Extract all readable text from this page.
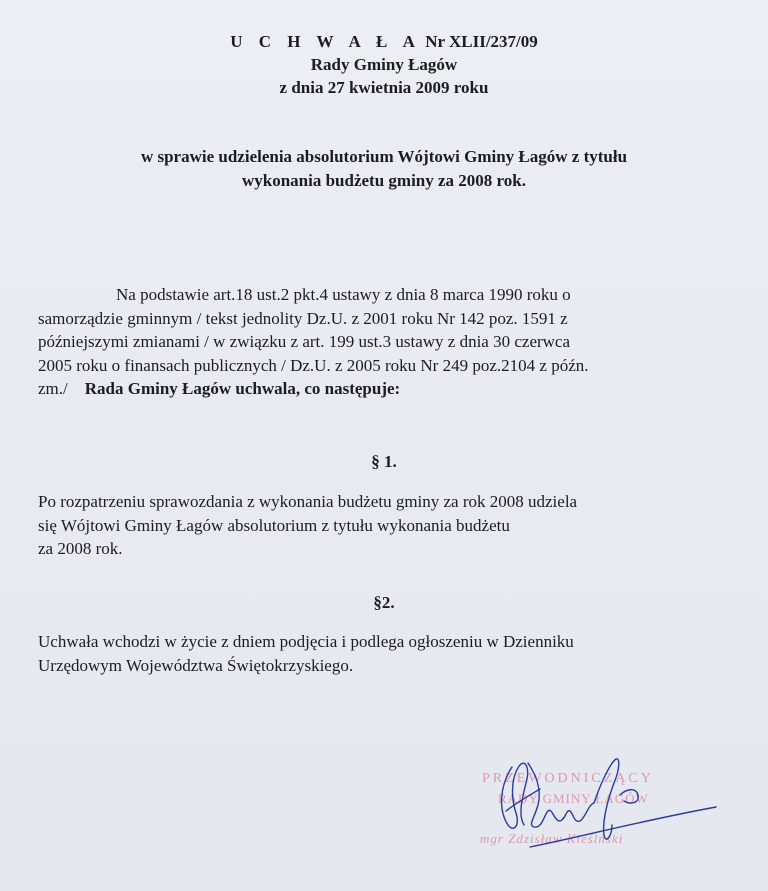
U C H W A Ł A Nr XLII/237/09
Rady Gminy Łagów
z dnia 27 kwietnia 2009 roku
w sprawie udzielenia absolutorium Wójtowi Gminy Łagów z tytułu
wykonania budżetu gminy za 2008 rok.
Na podstawie art.18 ust.2 pkt.4 ustawy z dnia 8 marca 1990 roku o
samorządzie gminnym / tekst jednolity Dz.U. z 2001 roku Nr 142 poz. 1591 z
późniejszymi zmianami / w związku z art. 199 ust.3 ustawy z dnia 30 czerwca
2005 roku o finansach publicznych / Dz.U. z 2005 roku Nr 249 poz.2104 z późn.
zm./ Rada Gminy Łagów uchwala, co następuje:
§ 1.
Po rozpatrzeniu sprawozdania z wykonania budżetu gminy za rok 2008 udziela
się Wójtowi Gminy Łagów absolutorium z tytułu wykonania budżetu
za 2008 rok.
§2.
Uchwała wchodzi w życie z dniem podjęcia i podlega ogłoszeniu w Dzienniku
Urzędowym Województwa Świętokrzyskiego.
PRZEWODNICZĄCY
RADY GMINY ŁAGÓW
mgr Zdzisław Kieślński
